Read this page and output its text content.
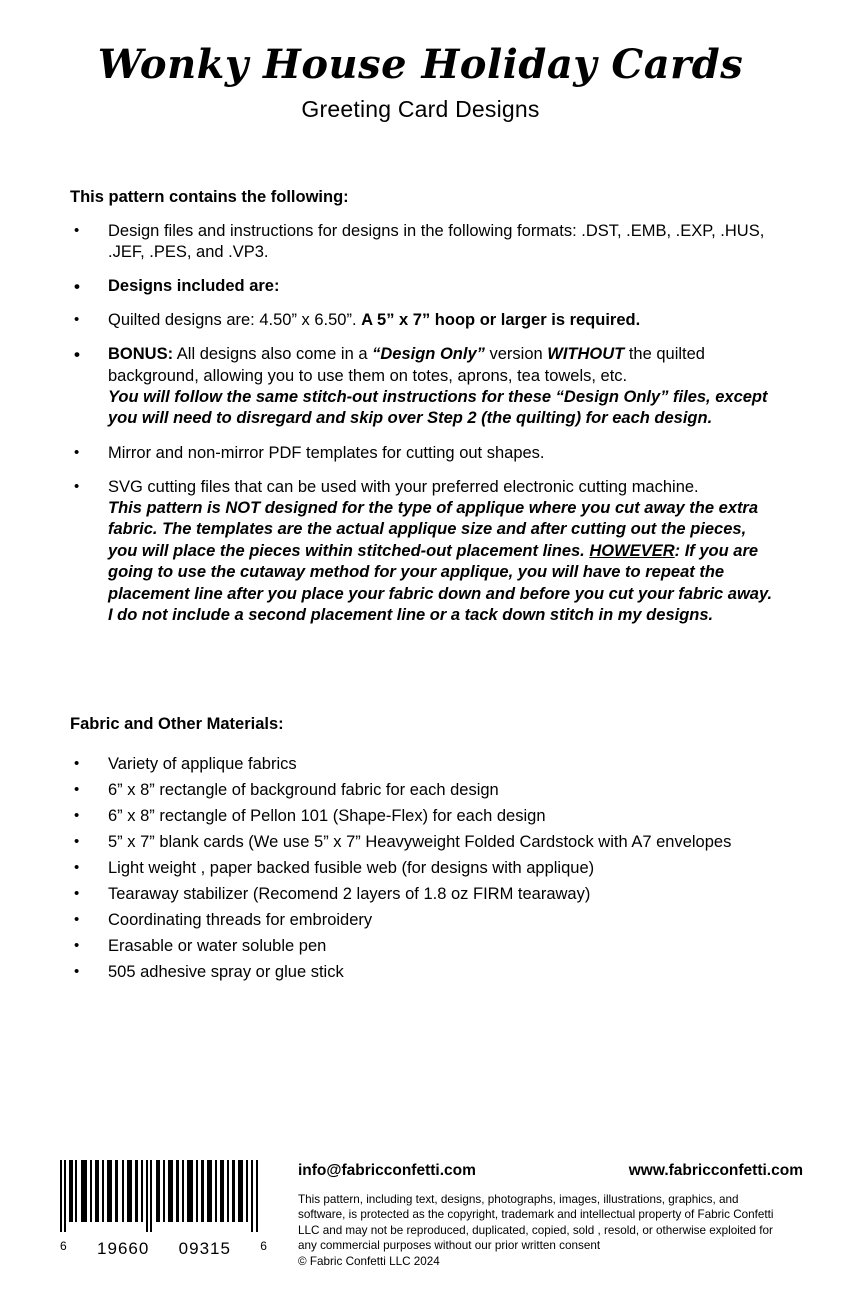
Wonky House Holiday Cards
Greeting Card Designs
This pattern contains the following:
• Design files and instructions for designs in the following formats: .DST, .EMB, .EXP, .HUS, .JEF, .PES, and .VP3.
• Designs included are:
• Quilted designs are: 4.50” x 6.50”. A 5” x 7” hoop or larger is required.
• BONUS: All designs also come in a “Design Only” version WITHOUT the quilted background, allowing you to use them on totes, aprons, tea towels, etc.
You will follow the same stitch-out instructions for these “Design Only” files, except you will need to disregard and skip over Step 2 (the quilting) for each design.
• Mirror and non-mirror PDF templates for cutting out shapes.
• SVG cutting files that can be used with your preferred electronic cutting machine.
This pattern is NOT designed for the type of applique where you cut away the extra fabric. The templates are the actual applique size and after cutting out the pieces, you will place the pieces within stitched-out placement lines. HOWEVER: If you are going to use the cutaway method for your applique, you will have to repeat the placement line after you place your fabric down and before you cut your fabric away. I do not include a second placement line or a tack down stitch in my designs.
Fabric and Other Materials:
• Variety of applique fabrics
• 6” x 8” rectangle of background fabric for each design
• 6” x 8” rectangle of Pellon 101 (Shape-Flex) for each design
• 5” x 7” blank cards (We use 5” x 7” Heavyweight Folded Cardstock with A7 envelopes
• Light weight , paper backed fusible web (for designs with applique)
• Tearaway stabilizer (Recomend 2 layers of 1.8 oz FIRM tearaway)
• Coordinating threads for embroidery
• Erasable or water soluble pen
• 505 adhesive spray or glue stick
6 19660 09315 6
info@fabricconfetti.com	www.fabricconfetti.com
This pattern, including text, designs, photographs, images, illustrations, graphics, and
software, is protected as the copyright, trademark and intellectual property of Fabric Confetti
LLC and may not be reproduced, duplicated, copied, sold , resold, or otherwise exploited for
any commercial purposes without our prior written consent
© Fabric Confetti LLC 2024
